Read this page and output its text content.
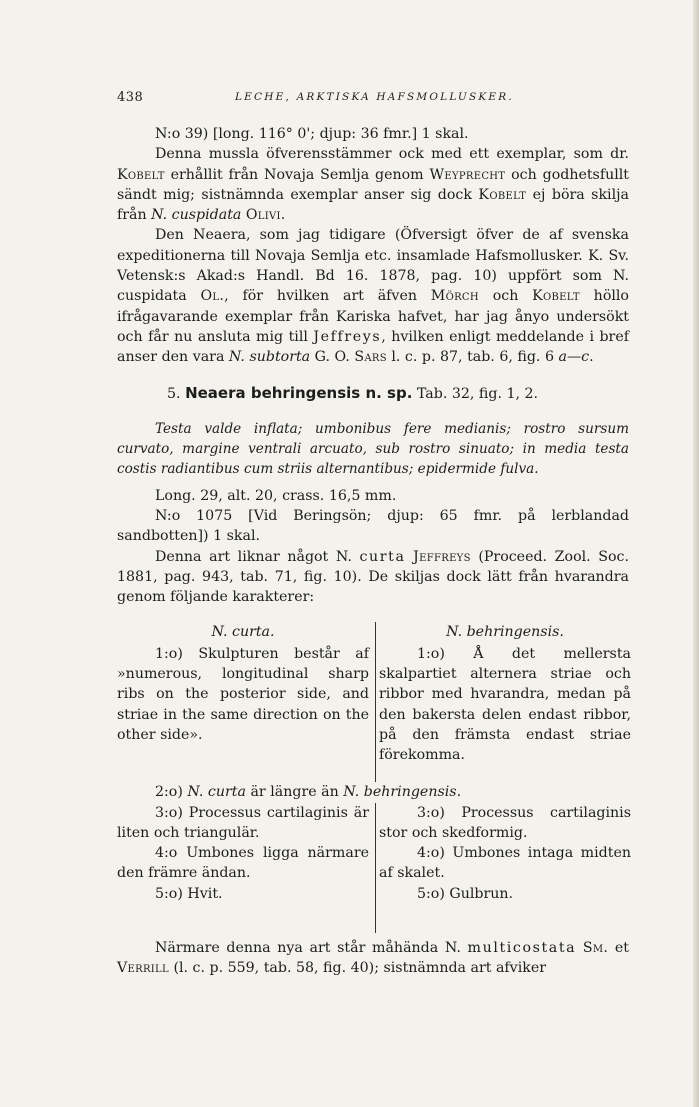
438	LECHE, ARKTISKA HAFSMOLLUSKER.

N:o 39) [long. 116° 0'; djup: 36 fmr.] 1 skal.

Denna mussla öfverensstämmer ock med ett exemplar, som dr. Kobelt erhållit från Novaja Semlja genom Weyprecht och godhetsfullt sändt mig; sistnämnda exemplar anser sig dock Kobelt ej böra skilja från N. cuspidata Olivi.

Den Neaera, som jag tidigare (Öfversigt öfver de af svenska expeditionerna till Novaja Semlja etc. insamlade Hafsmollusker. K. Sv. Vetensk:s Akad:s Handl. Bd 16. 1878, pag. 10) uppfört som N. cuspidata Ol., för hvilken art äfven Mörch och Kobelt höllo ifrågavarande exemplar från Kariska hafvet, har jag ånyo undersökt och får nu ansluta mig till Jeffreys, hvilken enligt meddelande i bref anser den vara N. subtorta G. O. Sars l. c. p. 87, tab. 6, fig. 6 a—c.

5. Neaera behringensis n. sp. Tab. 32, fig. 1, 2.

Testa valde inflata; umbonibus fere medianis; rostro sursum curvato, margine ventrali arcuato, sub rostro sinuato; in media testa costis radiantibus cum striis alternantibus; epidermide fulva.

Long. 29, alt. 20, crass. 16,5 mm.

N:o 1075 [Vid Beringsön; djup: 65 fmr. på lerblandad sandbotten]) 1 skal.

Denna art liknar något N. curta Jeffreys (Proceed. Zool. Soc. 1881, pag. 943, tab. 71, fig. 10). De skiljas dock lätt från hvarandra genom följande karakterer:

N. curta.

1:o) Skulpturen består af »numerous, longitudinal sharp ribs on the posterior side, and striae in the same direction on the other side».

N. behringensis.

1:o) Å det mellersta skalpartiet alternera striae och ribbor med hvarandra, medan på den bakersta delen endast ribbor, på den främsta endast striae förekomma.

2:o) N. curta är längre än N. behringensis.

3:o) Processus cartilaginis är liten och triangulär.

4:o Umbones ligga närmare den främre ändan.

5:o) Hvit.

3:o) Processus cartilaginis stor och skedformig.

4:o) Umbones intaga midten af skalet.

5:o) Gulbrun.

Närmare denna nya art står måhända N. multicostata Sm. et Verrill (l. c. p. 559, tab. 58, fig. 40); sistnämnda art afviker
